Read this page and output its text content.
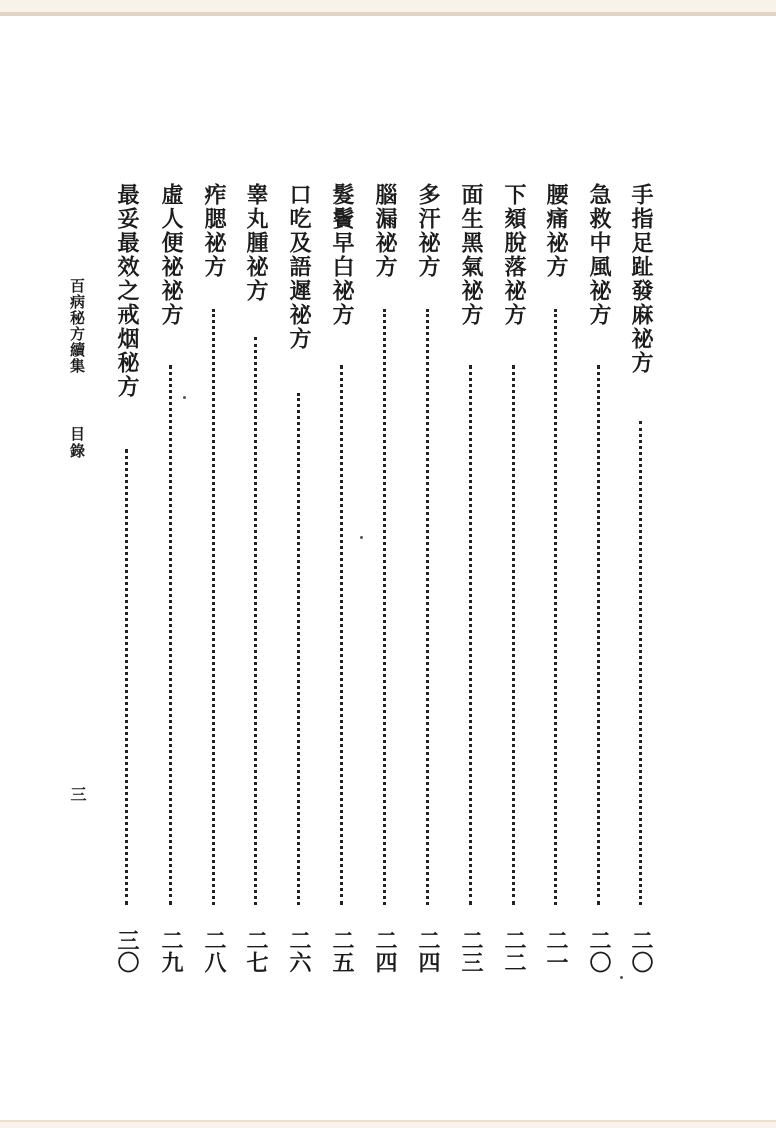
手指足趾發麻祕方
二〇
急救中風祕方
二〇
腰痛祕方
二一
下頦脫落祕方
二二
面生黑氣祕方
二三
多汗祕方
二四
腦漏祕方
二四
髮鬢早白祕方
二五
口吃及語遲祕方
二六
睾丸腫祕方
二七
痄腮祕方
二八
虛人便祕祕方
二九
最妥最效之戒烟秘方
三〇
百病秘方續集
目錄
三
